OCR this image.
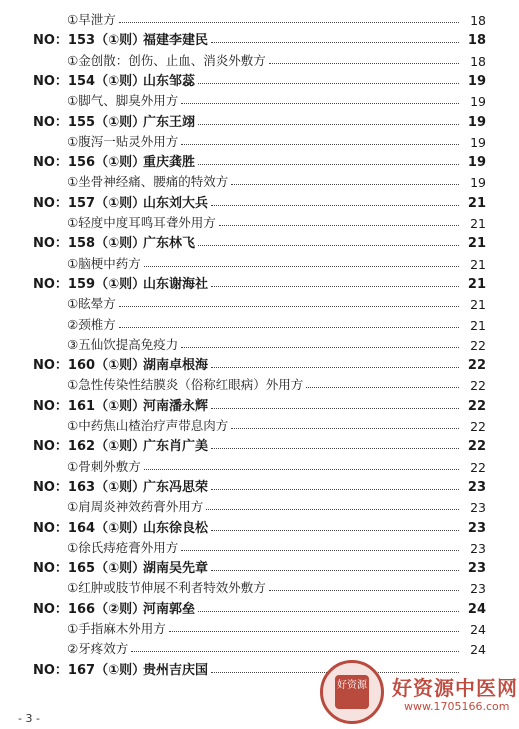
①早泄方	18
NO：153（①则）福建李建民	18
①金创散：创伤、止血、消炎外敷方	18
NO：154（①则）山东邹蕊	19
①脚气、脚臭外用方	19
NO：155（①则）广东王翊	19
①腹泻一贴灵外用方	19
NO：156（①则）重庆龚胜	19
①坐骨神经痛、腰痛的特效方	19
NO：157（①则）山东刘大兵	21
①轻度中度耳鸣耳聋外用方	21
NO：158（①则）广东林飞	21
①脑梗中药方	21
NO：159（①则）山东谢海社	21
①眩晕方	21
②颈椎方	21
③五仙饮提高免疫力	22
NO：160（①则）湖南卓根海	22
①急性传染性结膜炎（俗称红眼病）外用方	22
NO：161（①则）河南潘永辉	22
①中药焦山楂治疗声带息肉方	22
NO：162（①则）广东肖广美	22
①骨刺外敷方	22
NO：163（①则）广东冯思荣	23
①肩周炎神效药膏外用方	23
NO：164（①则）山东徐良松	23
①徐氏痔疮膏外用方	23
NO：165（①则）湖南吴先章	23
①红肿或肢节伸展不利者特效外敷方	23
NO：166（②则）河南郭垒	24
①手指麻木外用方	24
②牙疼效方	24
NO：167（①则）贵州吉庆国
- 3 -
好资源 好资源中医网
www.1705166.com
